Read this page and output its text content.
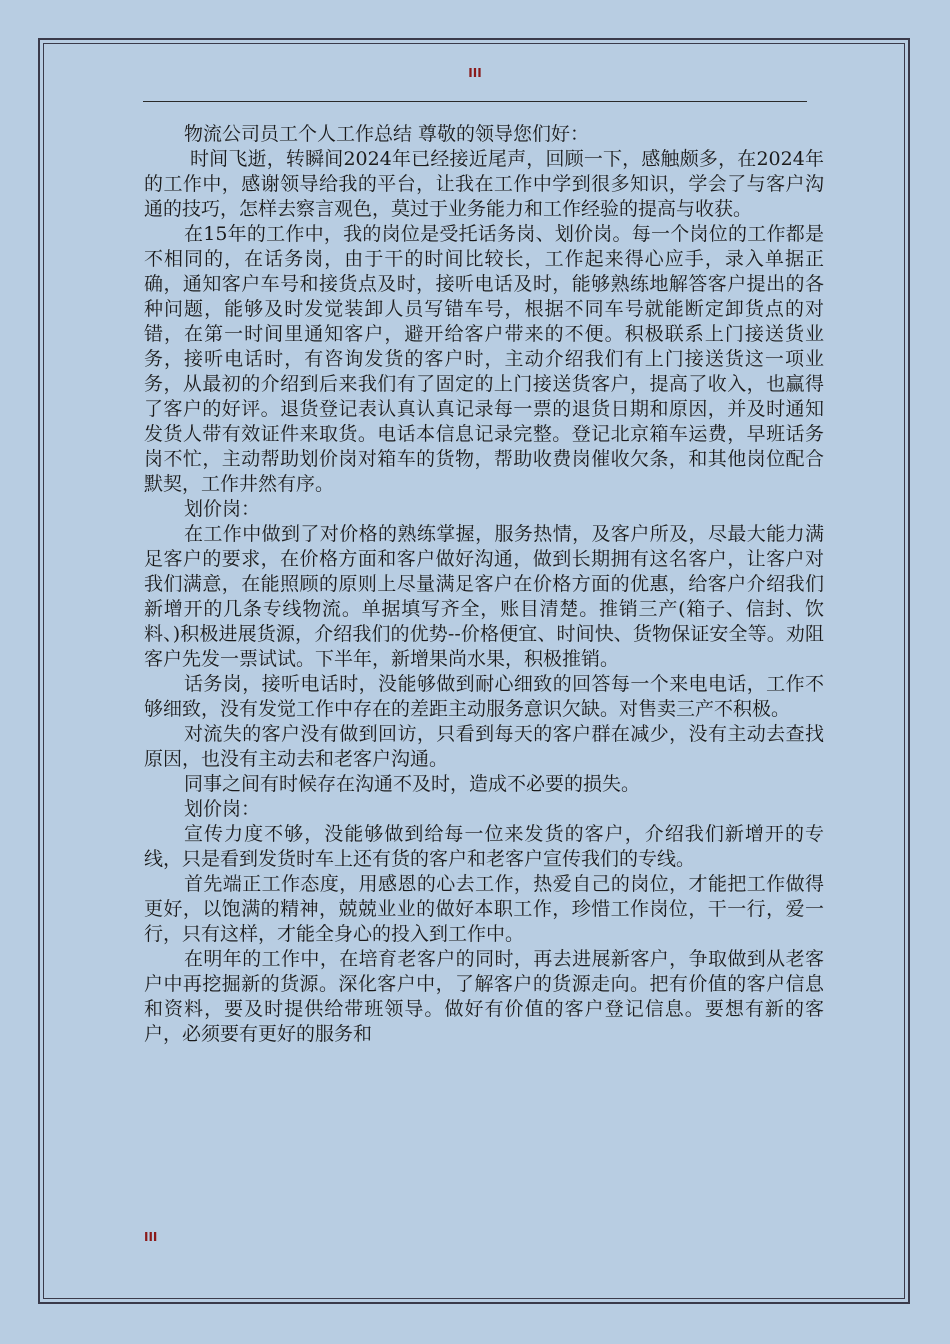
III

物流公司员工个人工作总结 尊敬的领导您们好：

时间飞逝，转瞬间2024年已经接近尾声，回顾一下，感触颇多，在2024年的工作中，感谢领导给我的平台，让我在工作中学到很多知识，学会了与客户沟通的技巧，怎样去察言观色，莫过于业务能力和工作经验的提高与收获。

在15年的工作中，我的岗位是受托话务岗、划价岗。每一个岗位的工作都是不相同的，在话务岗，由于干的时间比较长，工作起来得心应手，录入单据正确，通知客户车号和接货点及时，接听电话及时，能够熟练地解答客户提出的各种问题，能够及时发觉装卸人员写错车号，根据不同车号就能断定卸货点的对错，在第一时间里通知客户，避开给客户带来的不便。积极联系上门接送货业务，接听电话时，有咨询发货的客户时，主动介绍我们有上门接送货这一项业务，从最初的介绍到后来我们有了固定的上门接送货客户，提高了收入，也赢得了客户的好评。退货登记表认真认真记录每一票的退货日期和原因，并及时通知发货人带有效证件来取货。电话本信息记录完整。登记北京箱车运费，早班话务岗不忙，主动帮助划价岗对箱车的货物，帮助收费岗催收欠条，和其他岗位配合默契，工作井然有序。

划价岗：

在工作中做到了对价格的熟练掌握，服务热情，及客户所及，尽最大能力满足客户的要求，在价格方面和客户做好沟通，做到长期拥有这名客户，让客户对我们满意，在能照顾的原则上尽量满足客户在价格方面的优惠，给客户介绍我们新增开的几条专线物流。单据填写齐全，账目清楚。推销三产(箱子、信封、饮料、)积极进展货源，介绍我们的优势--价格便宜、时间快、货物保证安全等。劝阻客户先发一票试试。下半年，新增果尚水果，积极推销。

话务岗，接听电话时，没能够做到耐心细致的回答每一个来电电话，工作不够细致，没有发觉工作中存在的差距主动服务意识欠缺。对售卖三产不积极。

对流失的客户没有做到回访，只看到每天的客户群在减少，没有主动去查找原因，也没有主动去和老客户沟通。

同事之间有时候存在沟通不及时，造成不必要的损失。

划价岗：

宣传力度不够，没能够做到给每一位来发货的客户，介绍我们新增开的专线，只是看到发货时车上还有货的客户和老客户宣传我们的专线。

首先端正工作态度，用感恩的心去工作，热爱自己的岗位，才能把工作做得更好，以饱满的精神，兢兢业业的做好本职工作，珍惜工作岗位，干一行，爱一行，只有这样，才能全身心的投入到工作中。

在明年的工作中，在培育老客户的同时，再去进展新客户，争取做到从老客户中再挖掘新的货源。深化客户中，了解客户的货源走向。把有价值的客户信息和资料，要及时提供给带班领导。做好有价值的客户登记信息。要想有新的客户，必须要有更好的服务和

III
